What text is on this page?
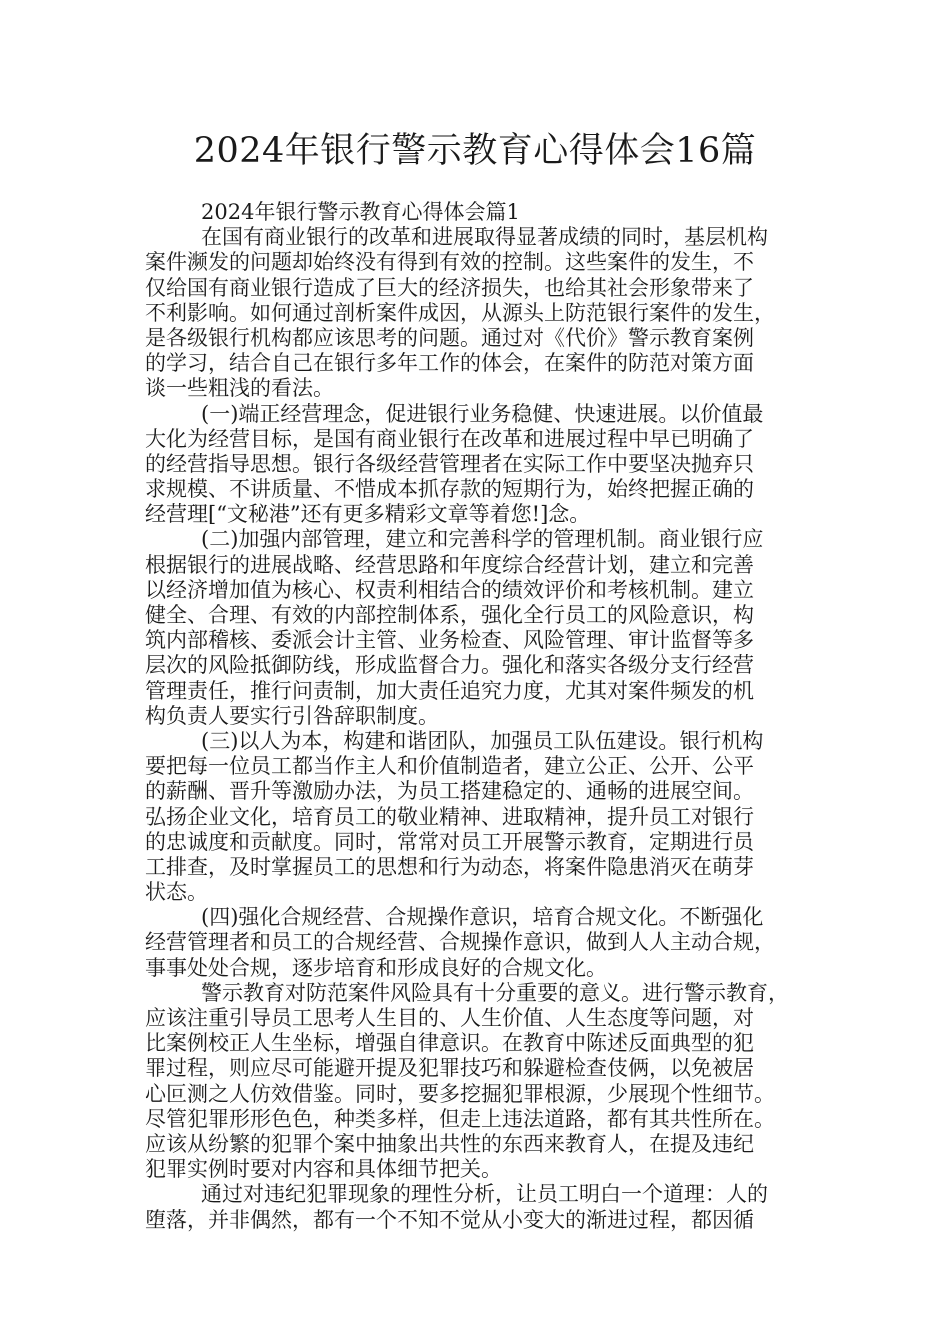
2024年银行警示教育心得体会16篇
2024年银行警示教育心得体会篇1
在国有商业银行的改革和进展取得显著成绩的同时，基层机构
案件濒发的问题却始终没有得到有效的控制。这些案件的发生，不
仅给国有商业银行造成了巨大的经济损失，也给其社会形象带来了
不利影响。如何通过剖析案件成因，从源头上防范银行案件的发生，
是各级银行机构都应该思考的问题。通过对《代价》警示教育案例
的学习，结合自己在银行多年工作的体会，在案件的防范对策方面
谈一些粗浅的看法。
(一)端正经营理念，促进银行业务稳健、快速进展。以价值最
大化为经营目标，是国有商业银行在改革和进展过程中早已明确了
的经营指导思想。银行各级经营管理者在实际工作中要坚决抛弃只
求规模、不讲质量、不惜成本抓存款的短期行为，始终把握正确的
经营理[“文秘港”还有更多精彩文章等着您!]念。
(二)加强内部管理，建立和完善科学的管理机制。商业银行应
根据银行的进展战略、经营思路和年度综合经营计划，建立和完善
以经济增加值为核心、权责利相结合的绩效评价和考核机制。建立
健全、合理、有效的内部控制体系，强化全行员工的风险意识，构
筑内部稽核、委派会计主管、业务检查、风险管理、审计监督等多
层次的风险抵御防线，形成监督合力。强化和落实各级分支行经营
管理责任，推行问责制，加大责任追究力度，尤其对案件频发的机
构负责人要实行引咎辞职制度。
(三)以人为本，构建和谐团队，加强员工队伍建设。银行机构
要把每一位员工都当作主人和价值制造者，建立公正、公开、公平
的薪酬、晋升等激励办法，为员工搭建稳定的、通畅的进展空间。
弘扬企业文化，培育员工的敬业精神、进取精神，提升员工对银行
的忠诚度和贡献度。同时，常常对员工开展警示教育，定期进行员
工排查，及时掌握员工的思想和行为动态，将案件隐患消灭在萌芽
状态。
(四)强化合规经营、合规操作意识，培育合规文化。不断强化
经营管理者和员工的合规经营、合规操作意识，做到人人主动合规，
事事处处合规，逐步培育和形成良好的合规文化。
警示教育对防范案件风险具有十分重要的意义。进行警示教育，
应该注重引导员工思考人生目的、人生价值、人生态度等问题，对
比案例校正人生坐标，增强自律意识。在教育中陈述反面典型的犯
罪过程，则应尽可能避开提及犯罪技巧和躲避检查伎俩，以免被居
心叵测之人仿效借鉴。同时，要多挖掘犯罪根源，少展现个性细节。
尽管犯罪形形色色，种类多样，但走上违法道路，都有其共性所在。
应该从纷繁的犯罪个案中抽象出共性的东西来教育人，在提及违纪
犯罪实例时要对内容和具体细节把关。
通过对违纪犯罪现象的理性分析，让员工明白一个道理：人的
堕落，并非偶然，都有一个不知不觉从小变大的渐进过程，都因循
